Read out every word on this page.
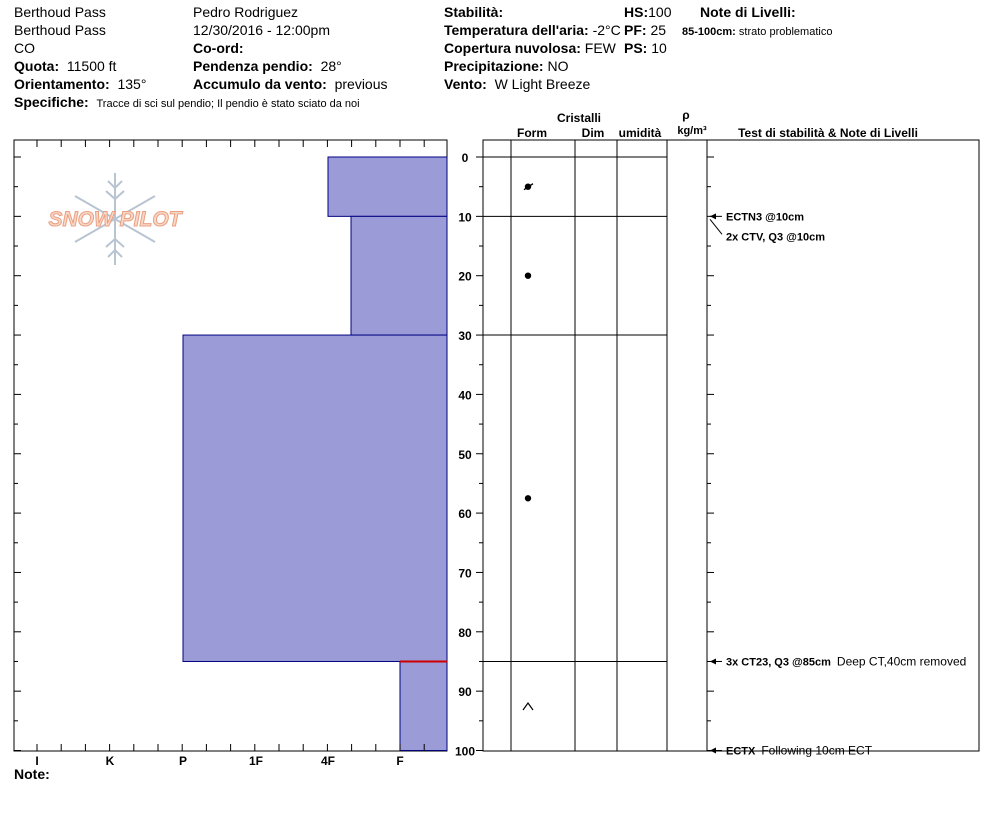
Berthoud Pass
Berthoud Pass
CO
Quota: 11500 ft
Orientamento: 135°
Specifiche: Tracce di sci sul pendio; Il pendio è stato sciato da noi
Pedro Rodriguez
12/30/2016 - 12:00pm
Co-ord:
Pendenza pendio: 28°
Accumulo da vento: previous
Stabilità:
Temperatura dell'aria: -2°C
Copertura nuvolosa: FEW
Precipitazione: NO
Vento: W Light Breeze
HS:100
PF: 25
PS: 10
Note di Livelli:
85-100cm: strato problematico
Note:
SNOW PILOT
I	K	P	1F	4F	F
0
10
20
30
40
50
60
70
80
90
100
ECTN3 @10cm
2x CTV, Q3 @10cm
3x CT23, Q3 @85cm Deep CT,40cm removed
ECTX Following 10cm ECT
Cristalli
Form	Dim umidità
ρ
kg/m³	Test di stabilità & Note di Livelli
